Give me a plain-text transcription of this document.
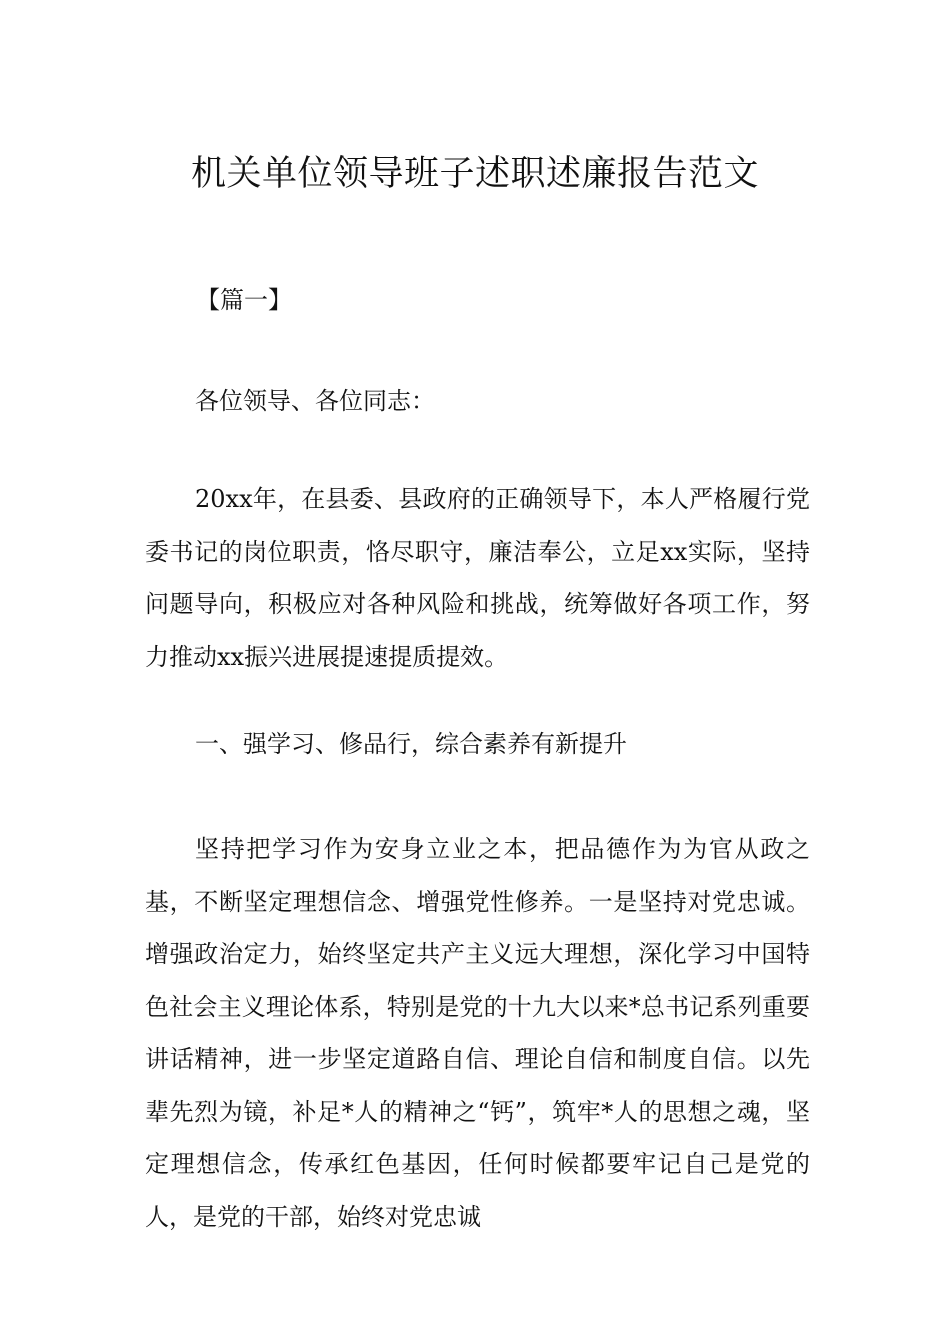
机关单位领导班子述职述廉报告范文
【篇一】

各位领导、各位同志：

20xx年，在县委、县政府的正确领导下，本人严格履行党委书记的岗位职责，恪尽职守，廉洁奉公，立足xx实际，坚持问题导向，积极应对各种风险和挑战，统筹做好各项工作，努力推动xx振兴进展提速提质提效。

一、强学习、修品行，综合素养有新提升

坚持把学习作为安身立业之本，把品德作为为官从政之基，不断坚定理想信念、增强党性修养。一是坚持对党忠诚。增强政治定力，始终坚定共产主义远大理想，深化学习中国特色社会主义理论体系，特别是党的十九大以来*总书记系列重要讲话精神，进一步坚定道路自信、理论自信和制度自信。以先辈先烈为镜，补足*人的精神之“钙”，筑牢*人的思想之魂，坚定理想信念，传承红色基因，任何时候都要牢记自己是党的人，是党的干部，始终对党忠诚
